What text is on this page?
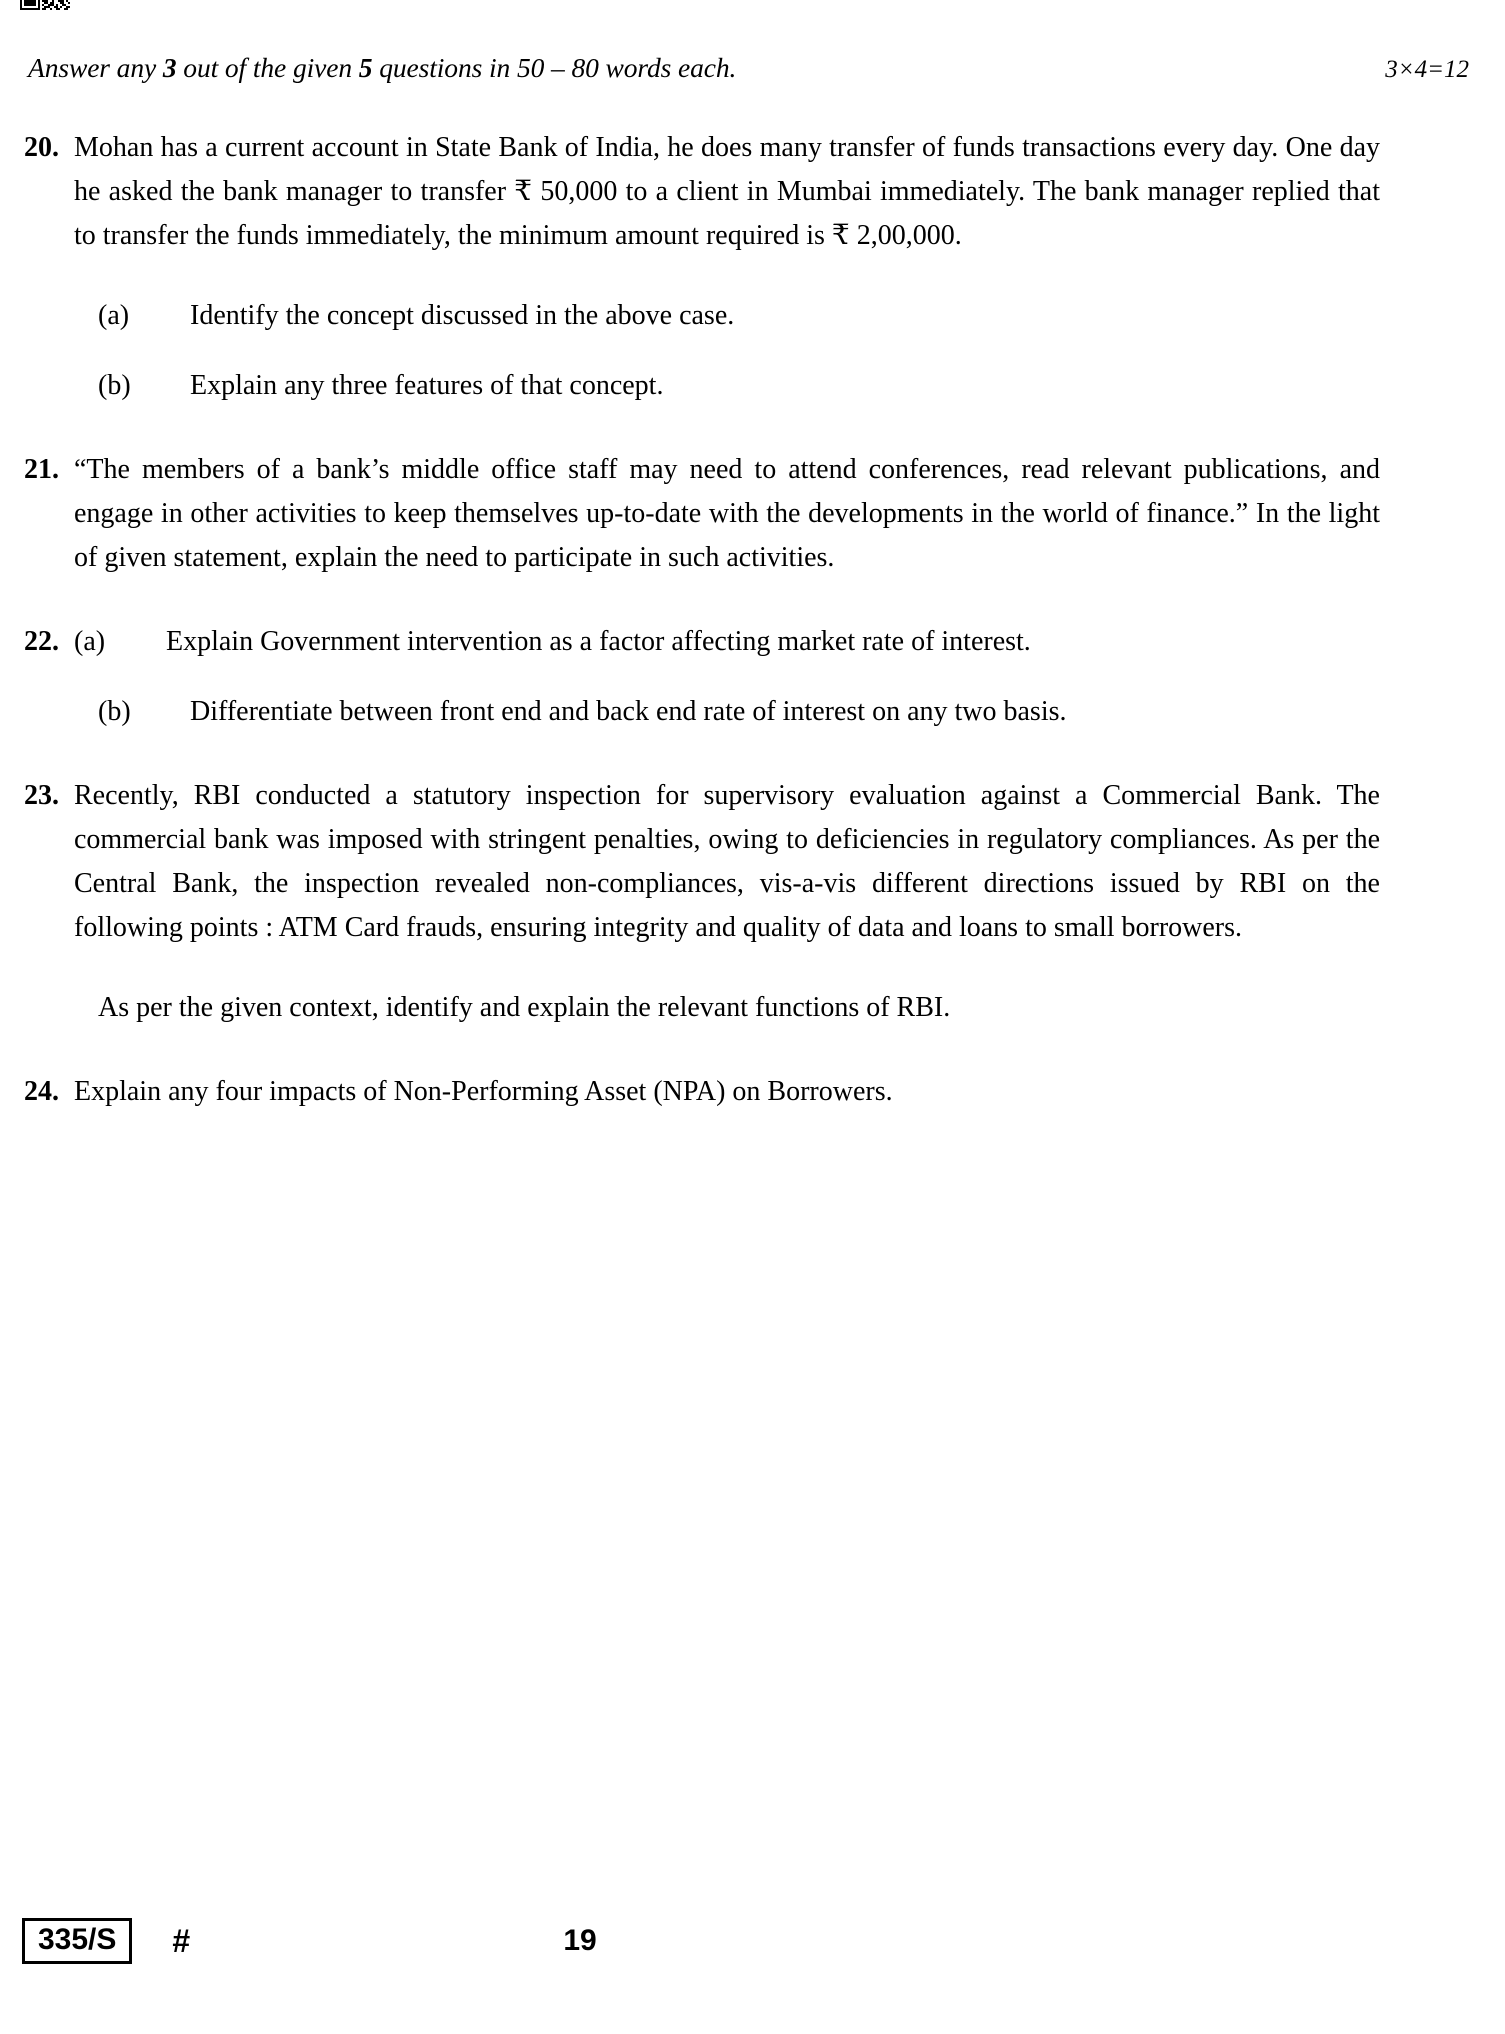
Answer any 3 out of the given 5 questions in 50 – 80 words each.	3×4=12
20. Mohan has a current account in State Bank of India, he does many transfer of funds transactions every day. One day he asked the bank manager to transfer ₹ 50,000 to a client in Mumbai immediately. The bank manager replied that to transfer the funds immediately, the minimum amount required is ₹ 2,00,000.
(a)	Identify the concept discussed in the above case.
(b)	Explain any three features of that concept.
21. “The members of a bank’s middle office staff may need to attend conferences, read relevant publications, and engage in other activities to keep themselves up-to-date with the developments in the world of finance.” In the light of given statement, explain the need to participate in such activities.
22. (a)	Explain Government intervention as a factor affecting market rate of interest.
(b)	Differentiate between front end and back end rate of interest on any two basis.
23. Recently, RBI conducted a statutory inspection for supervisory evaluation against a Commercial Bank. The commercial bank was imposed with stringent penalties, owing to deficiencies in regulatory compliances. As per the Central Bank, the inspection revealed non-compliances, vis-a-vis different directions issued by RBI on the following points : ATM Card frauds, ensuring integrity and quality of data and loans to small borrowers.
As per the given context, identify and explain the relevant functions of RBI.
24. Explain any four impacts of Non-Performing Asset (NPA) on Borrowers.
335/S	#	19
